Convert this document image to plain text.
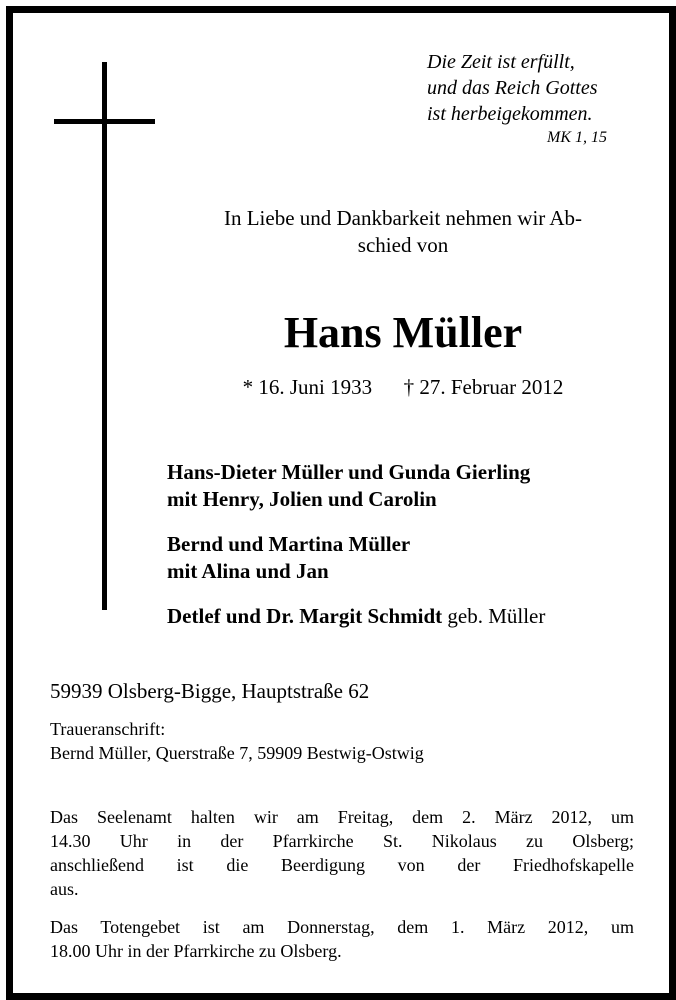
Die Zeit ist erfüllt,
und das Reich Gottes
ist herbeigekommen.
MK 1, 15
In Liebe und Dankbarkeit nehmen wir Ab-
schied von
Hans Müller
* 16. Juni 1933 † 27. Februar 2012
Hans-Dieter Müller und Gunda Gierling
mit Henry, Jolien und Carolin
Bernd und Martina Müller
mit Alina und Jan
Detlef und Dr. Margit Schmidt geb. Müller
59939 Olsberg-Bigge, Hauptstraße 62
Traueranschrift:
Bernd Müller, Querstraße 7, 59909 Bestwig-Ostwig
Das Seelenamt halten wir am Freitag, dem 2. März 2012, um
14.30 Uhr in der Pfarrkirche St. Nikolaus zu Olsberg;
anschließend ist die Beerdigung von der Friedhofskapelle
aus.
Das Totengebet ist am Donnerstag, dem 1. März 2012, um
18.00 Uhr in der Pfarrkirche zu Olsberg.
